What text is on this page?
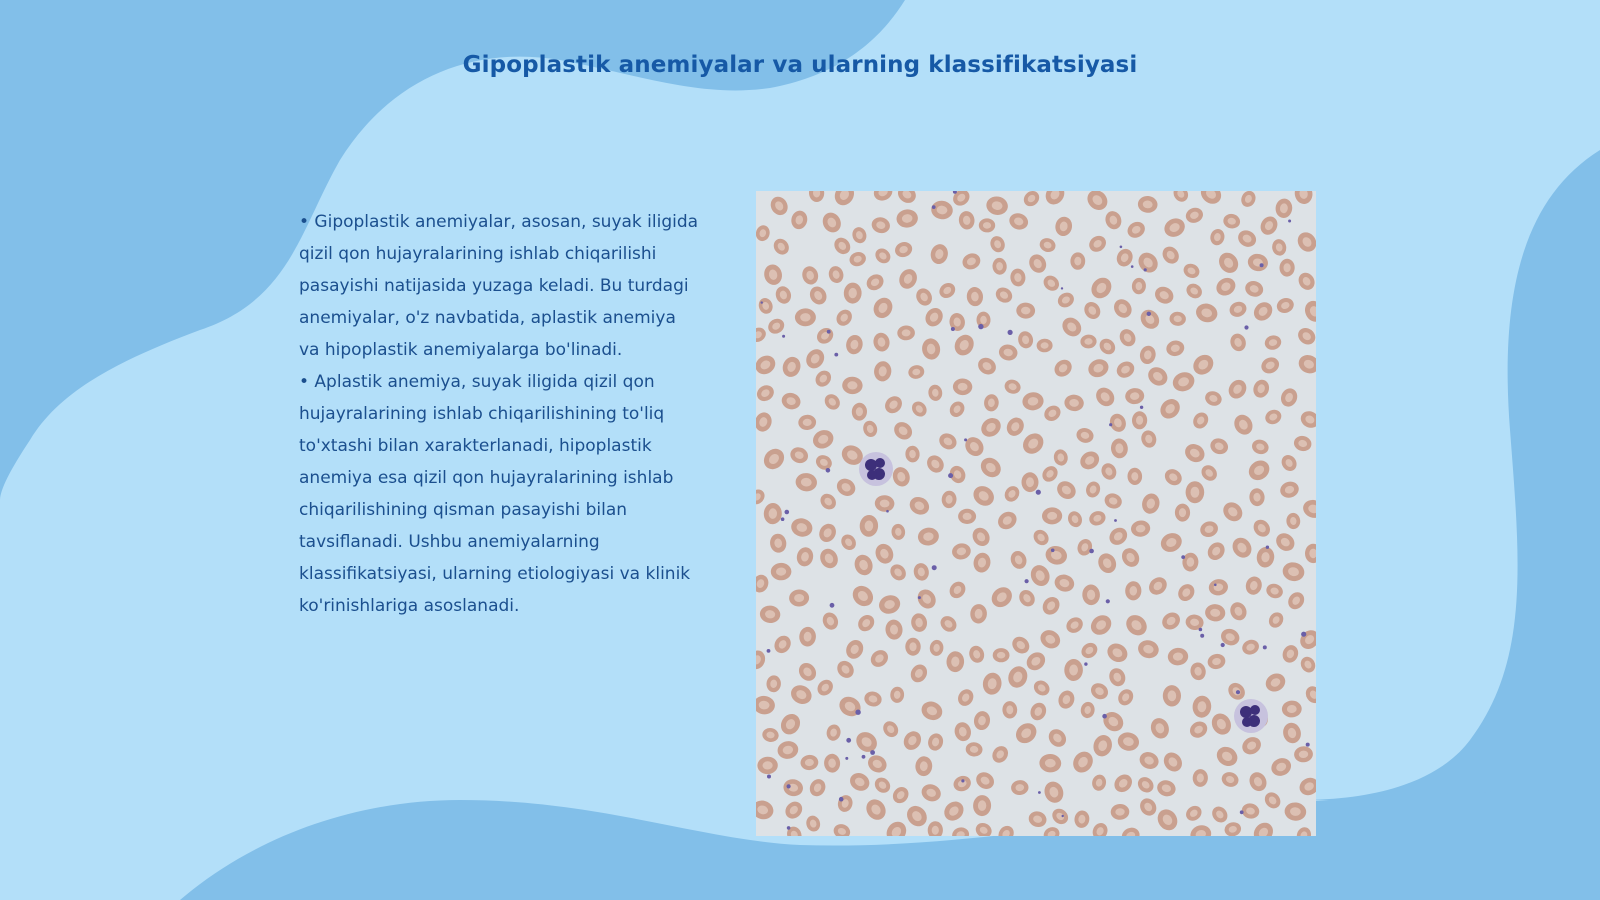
Gipoplastik anemiyalar va ularning klassifikatsiyasi

• Gipoplastik anemiyalar, asosan, suyak iligida qizil qon hujayralarining ishlab chiqarilishi pasayishi natijasida yuzaga keladi. Bu turdagi anemiyalar, o'z navbatida, aplastik anemiya va hipoplastik anemiyalarga bo'linadi.

• Aplastik anemiya, suyak iligida qizil qon hujayralarining ishlab chiqarilishining to'liq to'xtashi bilan xarakterlanadi, hipoplastik anemiya esa qizil qon hujayralarining ishlab chiqarilishining qisman pasayishi bilan tavsiflanadi. Ushbu anemiyalarning klassifikatsiyasi, ularning etiologiyasi va klinik ko'rinishlariga asoslanadi.
